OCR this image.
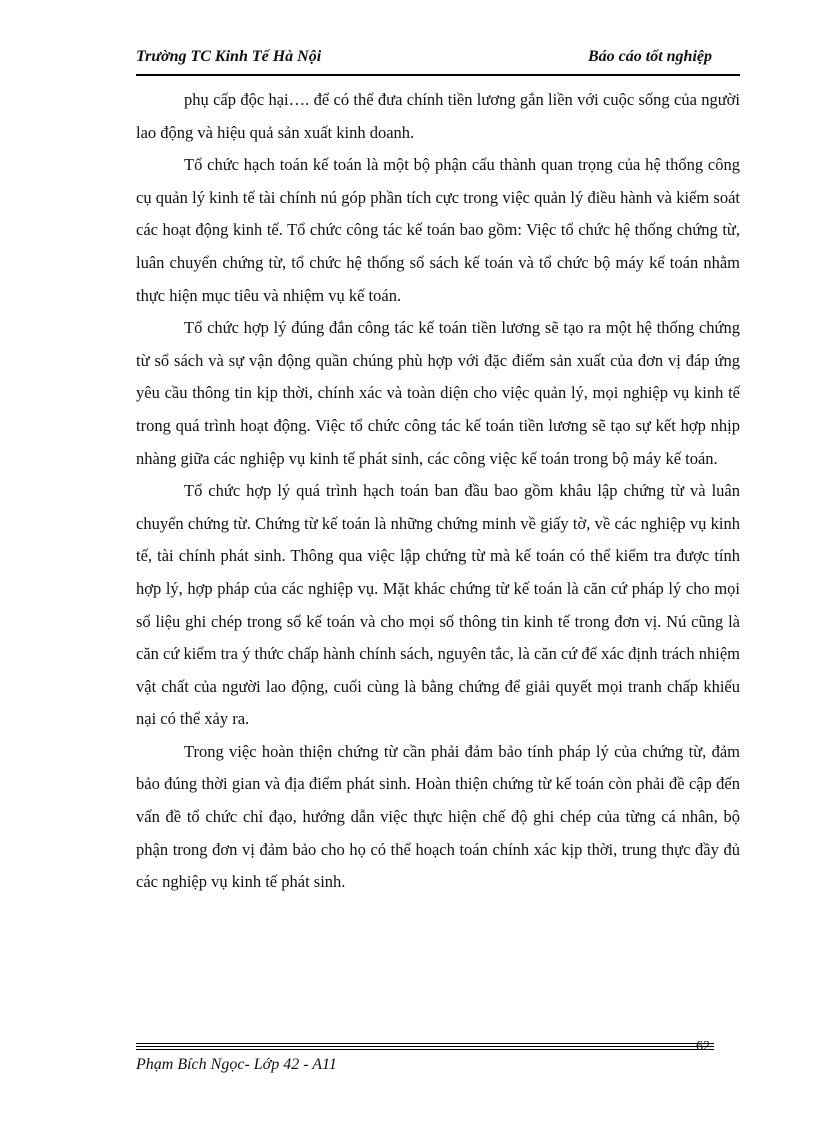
Trường TC Kinh Tế Hà Nội	Báo cáo tốt nghiệp

phụ cấp độc hại…. để có thể đưa chính tiền lương gắn liền với cuộc sống của người lao động và hiệu quả sản xuất kinh doanh.

Tổ chức hạch toán kế toán là một bộ phận cấu thành quan trọng của hệ thống công cụ quản lý kinh tế tài chính nú góp phần tích cực trong việc quản lý điều hành và kiểm soát các hoạt động kinh tế. Tổ chức công tác kế toán bao gồm: Việc tổ chức hệ thống chứng từ, luân chuyển chứng từ, tổ chức hệ thống sổ sách kế toán và tổ chức bộ máy kế toán nhằm thực hiện mục tiêu và nhiệm vụ kế toán.

Tổ chức hợp lý đúng đắn công tác kế toán tiền lương sẽ tạo ra một hệ thống chứng từ sổ sách và sự vận động quần chúng phù hợp với đặc điểm sản xuất của đơn vị đáp ứng yêu cầu thông tin kịp thời, chính xác và toàn diện cho việc quản lý, mọi nghiệp vụ kinh tế trong quá trình hoạt động. Việc tổ chức công tác kế toán tiền lương sẽ tạo sự kết hợp nhịp nhàng giữa các nghiệp vụ kinh tế phát sinh, các công việc kế toán trong bộ máy kế toán.

Tổ chức hợp lý quá trình hạch toán ban đầu bao gồm khâu lập chứng từ và luân chuyển chứng từ. Chứng từ kế toán là những chứng minh về giấy tờ, về các nghiệp vụ kinh tế, tài chính phát sinh. Thông qua việc lập chứng từ mà kế toán có thể kiểm tra được tính hợp lý, hợp pháp của các nghiệp vụ. Mặt khác chứng từ kế toán là căn cứ pháp lý cho mọi số liệu ghi chép trong sổ kế toán và cho mọi số thông tin kinh tế trong đơn vị. Nú cũng là căn cứ kiểm tra ý thức chấp hành chính sách, nguyên tắc, là căn cứ để xác định trách nhiệm vật chất của người lao động, cuối cùng là bằng chứng để giải quyết mọi tranh chấp khiếu nại có thể xảy ra.

Trong việc hoàn thiện chứng từ cần phải đảm bảo tính pháp lý của chứng từ, đảm bảo đúng thời gian và địa điểm phát sinh. Hoàn thiện chứng từ kế toán còn phải đề cập đến vấn đề tổ chức chỉ đạo, hướng dẫn việc thực hiện chế độ ghi chép của từng cá nhân, bộ phận trong đơn vị đảm bảo cho họ có thể hoạch toán chính xác kịp thời, trung thực đầy đủ các nghiệp vụ kinh tế phát sinh.

62
Phạm Bích Ngọc- Lớp 42 - A11
